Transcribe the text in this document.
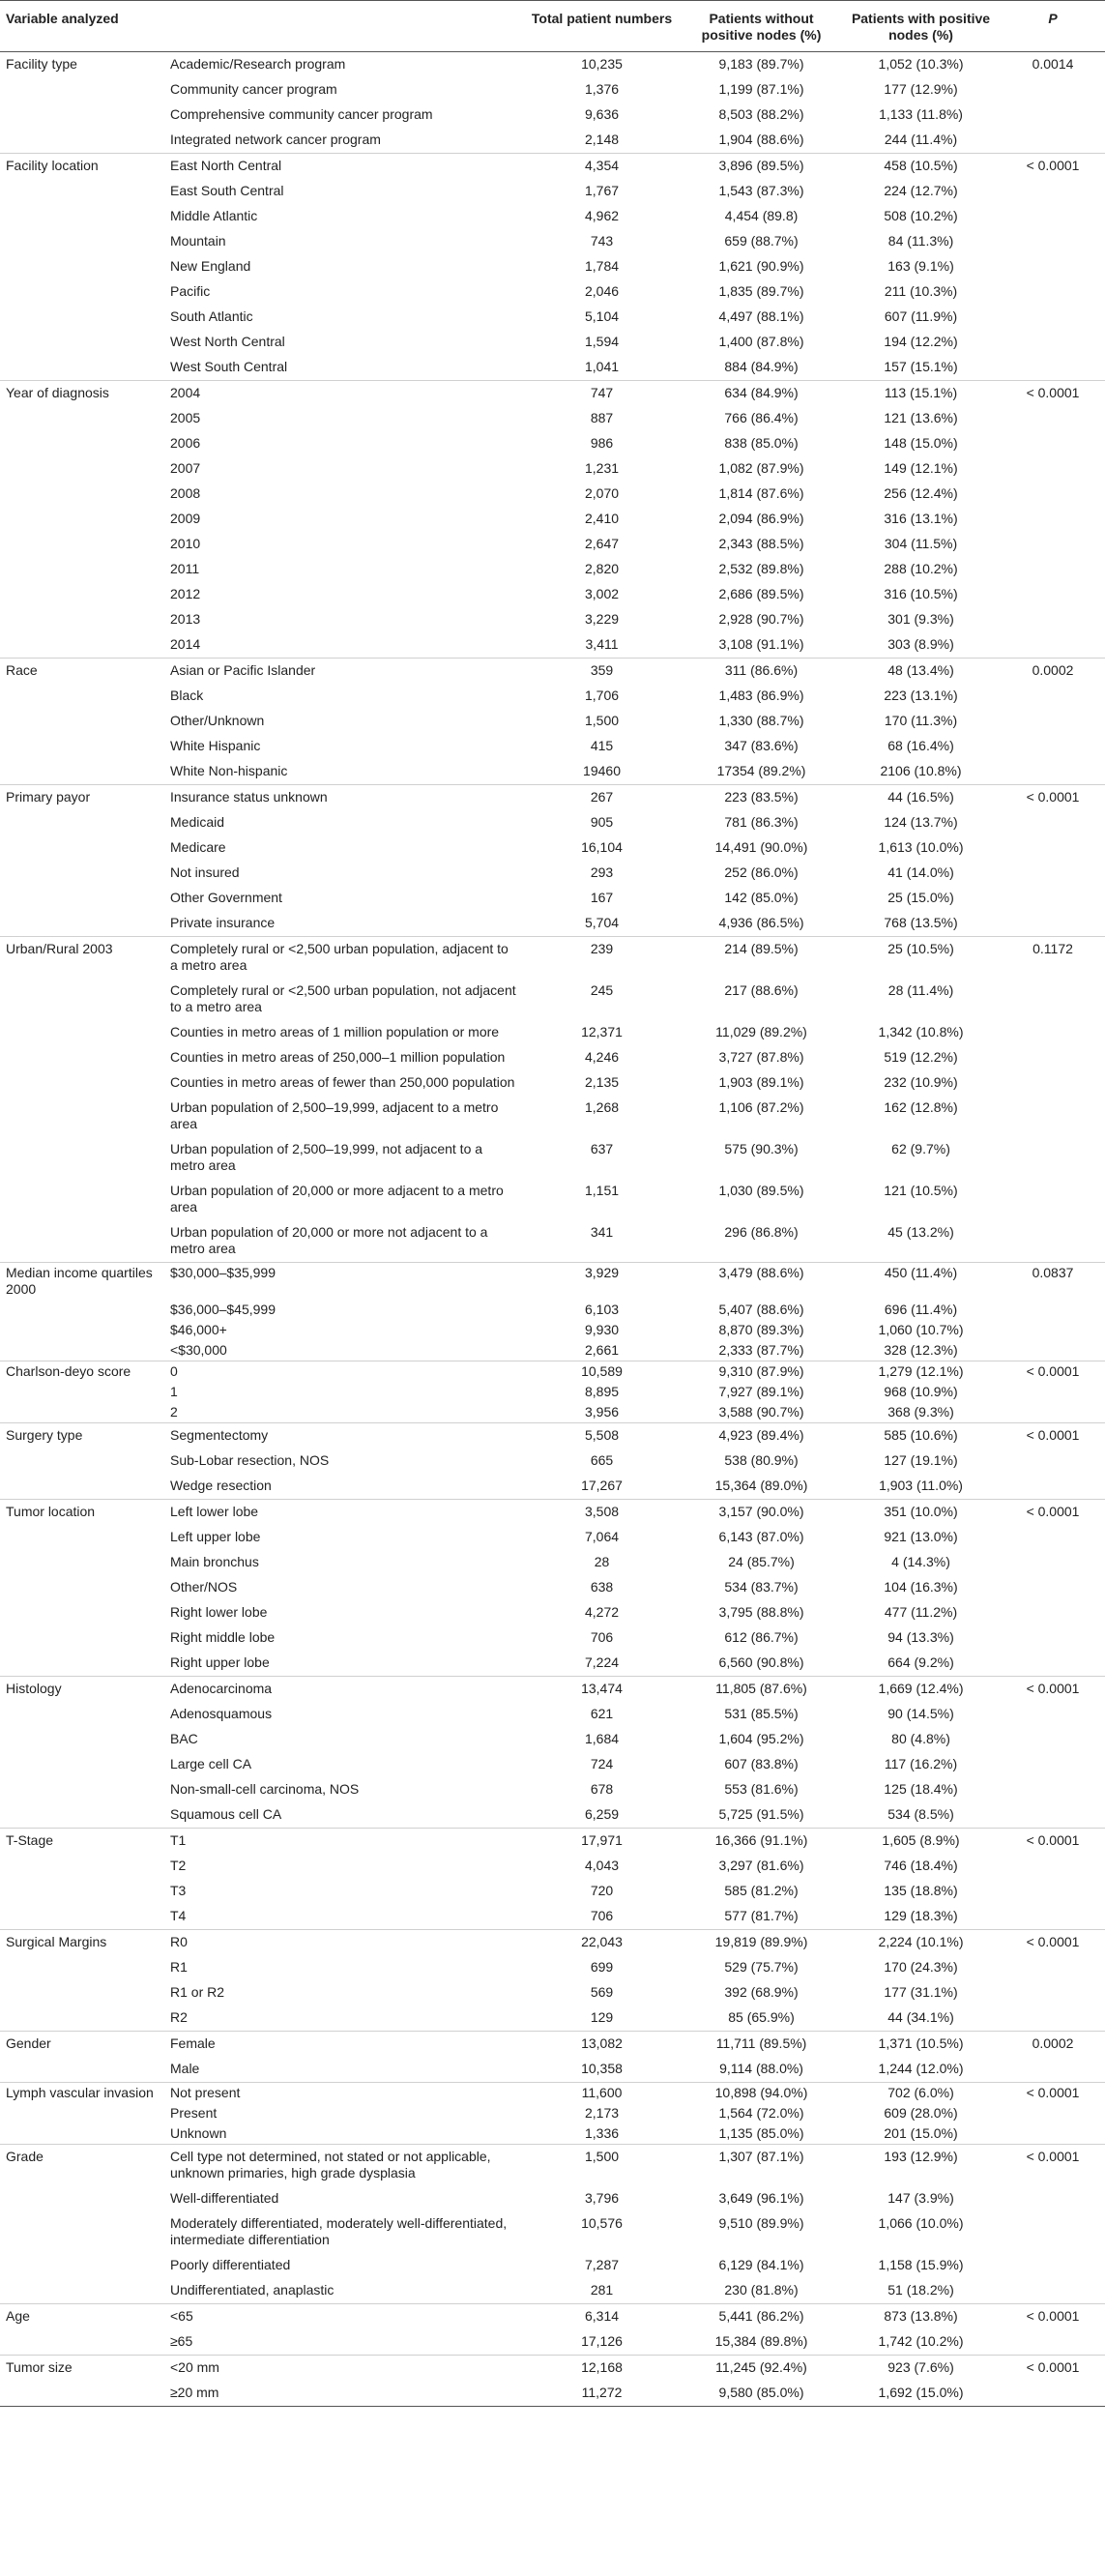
Variable analyzed		Total patient numbers	Patients without positive nodes (%)	Patients with positive nodes (%)	P
Facility type	Academic/Research program	10,235	9,183 (89.7%)	1,052 (10.3%)	0.0014
	Community cancer program	1,376	1,199 (87.1%)	177 (12.9%)	
	Comprehensive community cancer program	9,636	8,503 (88.2%)	1,133 (11.8%)	
	Integrated network cancer program	2,148	1,904 (88.6%)	244 (11.4%)	
Facility location	East North Central	4,354	3,896 (89.5%)	458 (10.5%)	< 0.0001
	East South Central	1,767	1,543 (87.3%)	224 (12.7%)	
	Middle Atlantic	4,962	4,454 (89.8)	508 (10.2%)	
	Mountain	743	659 (88.7%)	84 (11.3%)	
	New England	1,784	1,621 (90.9%)	163 (9.1%)	
	Pacific	2,046	1,835 (89.7%)	211 (10.3%)	
	South Atlantic	5,104	4,497 (88.1%)	607 (11.9%)	
	West North Central	1,594	1,400 (87.8%)	194 (12.2%)	
	West South Central	1,041	884 (84.9%)	157 (15.1%)	
Year of diagnosis	2004	747	634 (84.9%)	113 (15.1%)	< 0.0001
	2005	887	766 (86.4%)	121 (13.6%)	
	2006	986	838 (85.0%)	148 (15.0%)	
	2007	1,231	1,082 (87.9%)	149 (12.1%)	
	2008	2,070	1,814 (87.6%)	256 (12.4%)	
	2009	2,410	2,094 (86.9%)	316 (13.1%)	
	2010	2,647	2,343 (88.5%)	304 (11.5%)	
	2011	2,820	2,532 (89.8%)	288 (10.2%)	
	2012	3,002	2,686 (89.5%)	316 (10.5%)	
	2013	3,229	2,928 (90.7%)	301 (9.3%)	
	2014	3,411	3,108 (91.1%)	303 (8.9%)	
Race	Asian or Pacific Islander	359	311 (86.6%)	48 (13.4%)	0.0002
	Black	1,706	1,483 (86.9%)	223 (13.1%)	
	Other/Unknown	1,500	1,330 (88.7%)	170 (11.3%)	
	White Hispanic	415	347 (83.6%)	68 (16.4%)	
	White Non-hispanic	19460	17354 (89.2%)	2106 (10.8%)	
Primary payor	Insurance status unknown	267	223 (83.5%)	44 (16.5%)	< 0.0001
	Medicaid	905	781 (86.3%)	124 (13.7%)	
	Medicare	16,104	14,491 (90.0%)	1,613 (10.0%)	
	Not insured	293	252 (86.0%)	41 (14.0%)	
	Other Government	167	142 (85.0%)	25 (15.0%)	
	Private insurance	5,704	4,936 (86.5%)	768 (13.5%)	
Urban/Rural 2003	Completely rural or <2,500 urban population, adjacent to a metro area	239	214 (89.5%)	25 (10.5%)	0.1172
	Completely rural or <2,500 urban population, not adjacent to a metro area	245	217 (88.6%)	28 (11.4%)	
	Counties in metro areas of 1 million population or more	12,371	11,029 (89.2%)	1,342 (10.8%)	
	Counties in metro areas of 250,000–1 million population	4,246	3,727 (87.8%)	519 (12.2%)	
	Counties in metro areas of fewer than 250,000 population	2,135	1,903 (89.1%)	232 (10.9%)	
	Urban population of 2,500–19,999, adjacent to a metro area	1,268	1,106 (87.2%)	162 (12.8%)	
	Urban population of 2,500–19,999, not adjacent to a metro area	637	575 (90.3%)	62 (9.7%)	
	Urban population of 20,000 or more adjacent to a metro area	1,151	1,030 (89.5%)	121 (10.5%)	
	Urban population of 20,000 or more not adjacent to a metro area	341	296 (86.8%)	45 (13.2%)	
Median income quartiles 2000	$30,000–$35,999	3,929	3,479 (88.6%)	450 (11.4%)	0.0837
	$36,000–$45,999	6,103	5,407 (88.6%)	696 (11.4%)	
	$46,000+	9,930	8,870 (89.3%)	1,060 (10.7%)	
	<$30,000	2,661	2,333 (87.7%)	328 (12.3%)	
Charlson-deyo score	0	10,589	9,310 (87.9%)	1,279 (12.1%)	< 0.0001
	1	8,895	7,927 (89.1%)	968 (10.9%)	
	2	3,956	3,588 (90.7%)	368 (9.3%)	
Surgery type	Segmentectomy	5,508	4,923 (89.4%)	585 (10.6%)	< 0.0001
	Sub-Lobar resection, NOS	665	538 (80.9%)	127 (19.1%)	
	Wedge resection	17,267	15,364 (89.0%)	1,903 (11.0%)	
Tumor location	Left lower lobe	3,508	3,157 (90.0%)	351 (10.0%)	< 0.0001
	Left upper lobe	7,064	6,143 (87.0%)	921 (13.0%)	
	Main bronchus	28	24 (85.7%)	4 (14.3%)	
	Other/NOS	638	534 (83.7%)	104 (16.3%)	
	Right lower lobe	4,272	3,795 (88.8%)	477 (11.2%)	
	Right middle lobe	706	612 (86.7%)	94 (13.3%)	
	Right upper lobe	7,224	6,560 (90.8%)	664 (9.2%)	
Histology	Adenocarcinoma	13,474	11,805 (87.6%)	1,669 (12.4%)	< 0.0001
	Adenosquamous	621	531 (85.5%)	90 (14.5%)	
	BAC	1,684	1,604 (95.2%)	80 (4.8%)	
	Large cell CA	724	607 (83.8%)	117 (16.2%)	
	Non-small-cell carcinoma, NOS	678	553 (81.6%)	125 (18.4%)	
	Squamous cell CA	6,259	5,725 (91.5%)	534 (8.5%)	
T-Stage	T1	17,971	16,366 (91.1%)	1,605 (8.9%)	< 0.0001
	T2	4,043	3,297 (81.6%)	746 (18.4%)	
	T3	720	585 (81.2%)	135 (18.8%)	
	T4	706	577 (81.7%)	129 (18.3%)	
Surgical Margins	R0	22,043	19,819 (89.9%)	2,224 (10.1%)	< 0.0001
	R1	699	529 (75.7%)	170 (24.3%)	
	R1 or R2	569	392 (68.9%)	177 (31.1%)	
	R2	129	85 (65.9%)	44 (34.1%)	
Gender	Female	13,082	11,711 (89.5%)	1,371 (10.5%)	0.0002
	Male	10,358	9,114 (88.0%)	1,244 (12.0%)	
Lymph vascular invasion	Not present	11,600	10,898 (94.0%)	702 (6.0%)	< 0.0001
	Present	2,173	1,564 (72.0%)	609 (28.0%)	
	Unknown	1,336	1,135 (85.0%)	201 (15.0%)	
Grade	Cell type not determined, not stated or not applicable, unknown primaries, high grade dysplasia	1,500	1,307 (87.1%)	193 (12.9%)	< 0.0001
	Well-differentiated	3,796	3,649 (96.1%)	147 (3.9%)	
	Moderately differentiated, moderately well-differentiated, intermediate differentiation	10,576	9,510 (89.9%)	1,066 (10.0%)	
	Poorly differentiated	7,287	6,129 (84.1%)	1,158 (15.9%)	
	Undifferentiated, anaplastic	281	230 (81.8%)	51 (18.2%)	
Age	<65	6,314	5,441 (86.2%)	873 (13.8%)	< 0.0001
	≥65	17,126	15,384 (89.8%)	1,742 (10.2%)	
Tumor size	<20 mm	12,168	11,245 (92.4%)	923 (7.6%)	< 0.0001
	≥20 mm	11,272	9,580 (85.0%)	1,692 (15.0%)	
